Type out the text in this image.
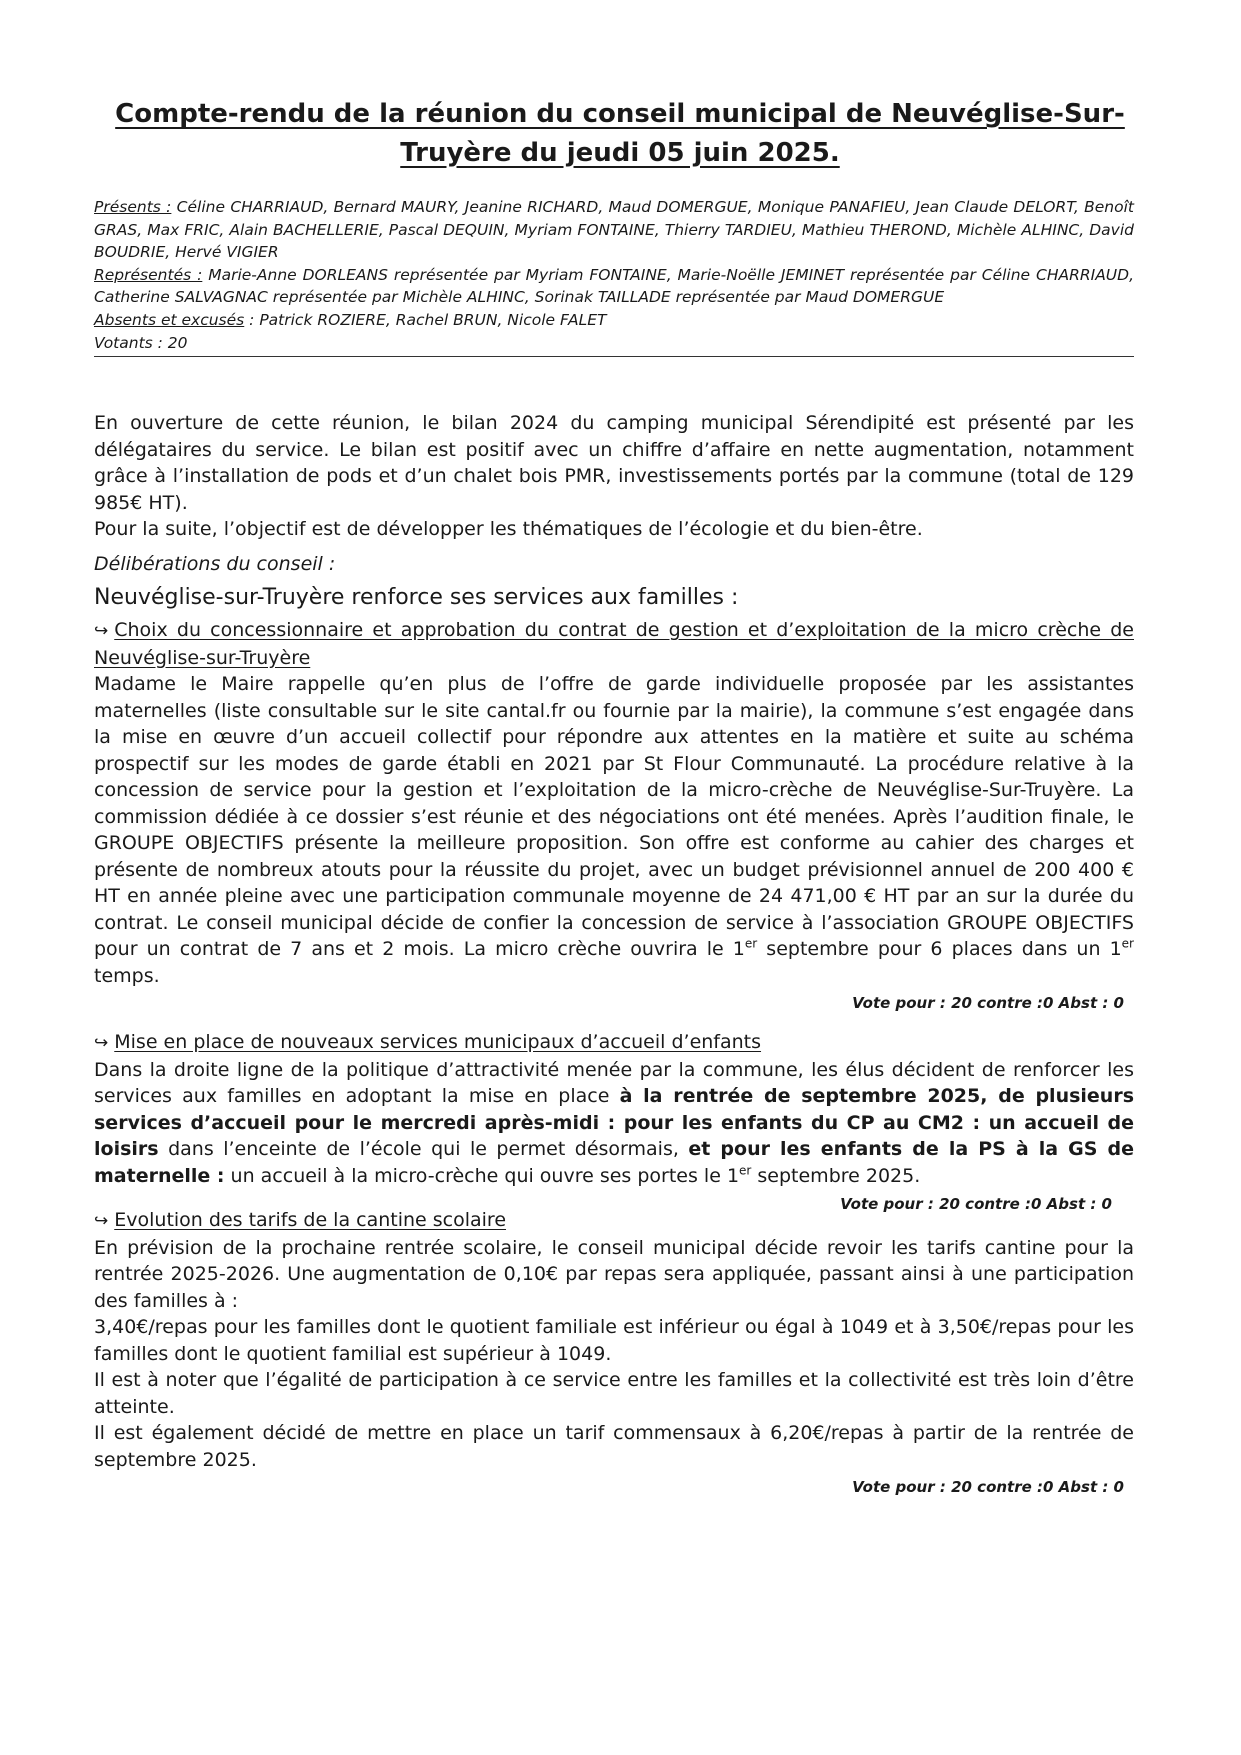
Compte-rendu de la réunion du conseil municipal de Neuvéglise-Sur-
Truyère du jeudi 05 juin 2025.

Présents : Céline CHARRIAUD, Bernard MAURY, Jeanine RICHARD, Maud DOMERGUE, Monique PANAFIEU, Jean Claude DELORT, Benoît GRAS, Max FRIC, Alain BACHELLERIE, Pascal DEQUIN, Myriam FONTAINE, Thierry TARDIEU, Mathieu THEROND, Michèle ALHINC, David BOUDRIE, Hervé VIGIER

Représentés : Marie-Anne DORLEANS représentée par Myriam FONTAINE, Marie-Noëlle JEMINET représentée par Céline CHARRIAUD, Catherine SALVAGNAC représentée par Michèle ALHINC, Sorinak TAILLADE représentée par Maud DOMERGUE

Absents et excusés : Patrick ROZIERE, Rachel BRUN, Nicole FALET

Votants : 20

En ouverture de cette réunion, le bilan 2024 du camping municipal Sérendipité est présenté par les délégataires du service. Le bilan est positif avec un chiffre d’affaire en nette augmentation, notamment grâce à l’installation de pods et d’un chalet bois PMR, investissements portés par la commune (total de 129 985€ HT).

Pour la suite, l’objectif est de développer les thématiques de l’écologie et du bien-être.

Délibérations du conseil :

Neuvéglise-sur-Truyère renforce ses services aux familles :

↪ Choix du concessionnaire et approbation du contrat de gestion et d’exploitation de la micro crèche de Neuvéglise-sur-Truyère

Madame le Maire rappelle qu’en plus de l’offre de garde individuelle proposée par les assistantes maternelles (liste consultable sur le site cantal.fr ou fournie par la mairie), la commune s’est engagée dans la mise en œuvre d’un accueil collectif pour répondre aux attentes en la matière et suite au schéma prospectif sur les modes de garde établi en 2021 par St Flour Communauté. La procédure relative à la concession de service pour la gestion et l’exploitation de la micro-crèche de Neuvéglise-Sur-Truyère. La commission dédiée à ce dossier s’est réunie et des négociations ont été menées. Après l’audition finale, le GROUPE OBJECTIFS présente la meilleure proposition. Son offre est conforme au cahier des charges et présente de nombreux atouts pour la réussite du projet, avec un budget prévisionnel annuel de 200 400 € HT en année pleine avec une participation communale moyenne de 24 471,00 € HT par an sur la durée du contrat. Le conseil municipal décide de confier la concession de service à l’association GROUPE OBJECTIFS pour un contrat de 7 ans et 2 mois. La micro crèche ouvrira le 1er septembre pour 6 places dans un 1er temps.

Vote pour : 20 contre :0 Abst : 0

↪ Mise en place de nouveaux services municipaux d’accueil d’enfants

Dans la droite ligne de la politique d’attractivité menée par la commune, les élus décident de renforcer les services aux familles en adoptant la mise en place à la rentrée de septembre 2025, de plusieurs services d’accueil pour le mercredi après-midi : pour les enfants du CP au CM2 : un accueil de loisirs dans l’enceinte de l’école qui le permet désormais, et pour les enfants de la PS à la GS de maternelle : un accueil à la micro-crèche qui ouvre ses portes le 1er septembre 2025.
Vote pour : 20 contre :0 Abst : 0

↪ Evolution des tarifs de la cantine scolaire

En prévision de la prochaine rentrée scolaire, le conseil municipal décide revoir les tarifs cantine pour la rentrée 2025-2026. Une augmentation de 0,10€ par repas sera appliquée, passant ainsi à une participation des familles à :

3,40€/repas pour les familles dont le quotient familiale est inférieur ou égal à 1049 et à 3,50€/repas pour les familles dont le quotient familial est supérieur à 1049.

Il est à noter que l’égalité de participation à ce service entre les familles et la collectivité est très loin d’être atteinte.

Il est également décidé de mettre en place un tarif commensaux à 6,20€/repas à partir de la rentrée de septembre 2025.

Vote pour : 20 contre :0 Abst : 0
